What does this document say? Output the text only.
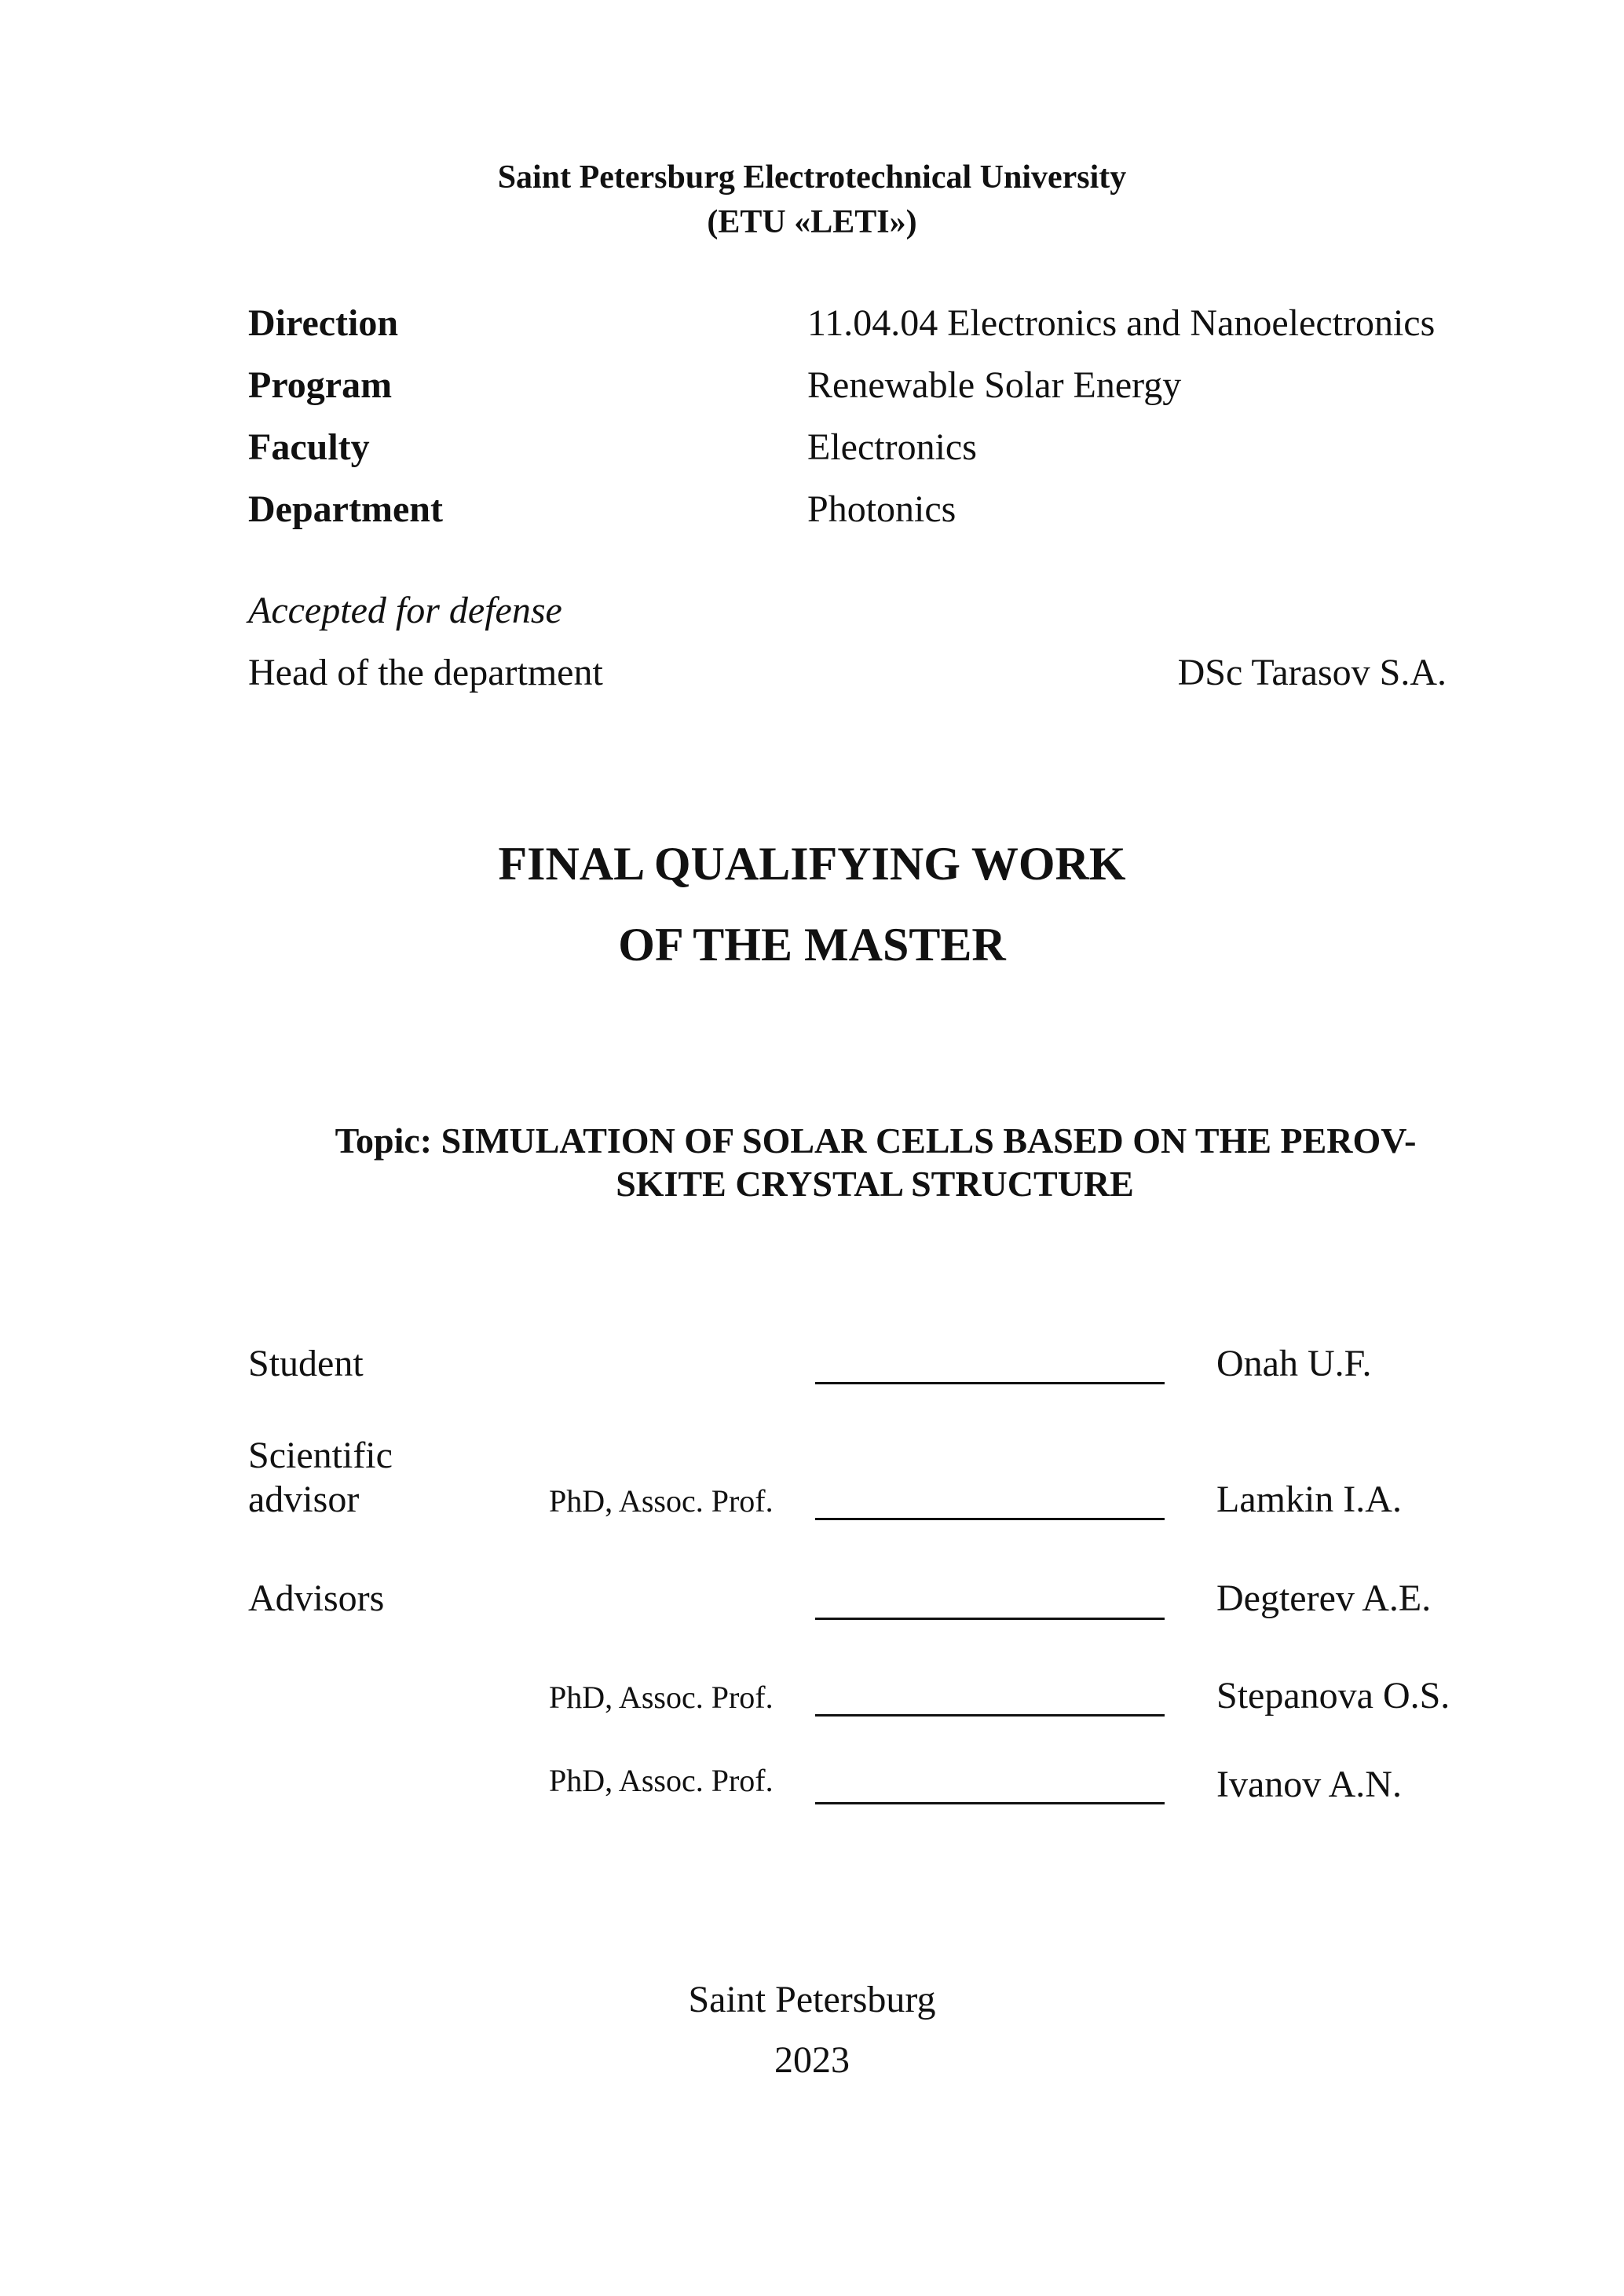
Saint Petersburg Electrotechnical University
(ETU «LETI»)
Direction	11.04.04 Electronics and Nanoelectronics
Program	Renewable Solar Energy
Faculty	Electronics
Department	Photonics
Accepted for defense
Head of the department	DSc Tarasov S.A.
FINAL QUALIFYING WORK
OF THE MASTER
Topic: SIMULATION OF SOLAR CELLS BASED ON THE PEROV-
SKITE CRYSTAL STRUCTURE
Student	Onah U.F.
Scientific
advisor	PhD, Assoc. Prof.	Lamkin I.A.
Advisors	Degterev A.E.
PhD, Assoc. Prof.	Stepanova O.S.
PhD, Assoc. Prof.	Ivanov A.N.
Saint Petersburg
2023
